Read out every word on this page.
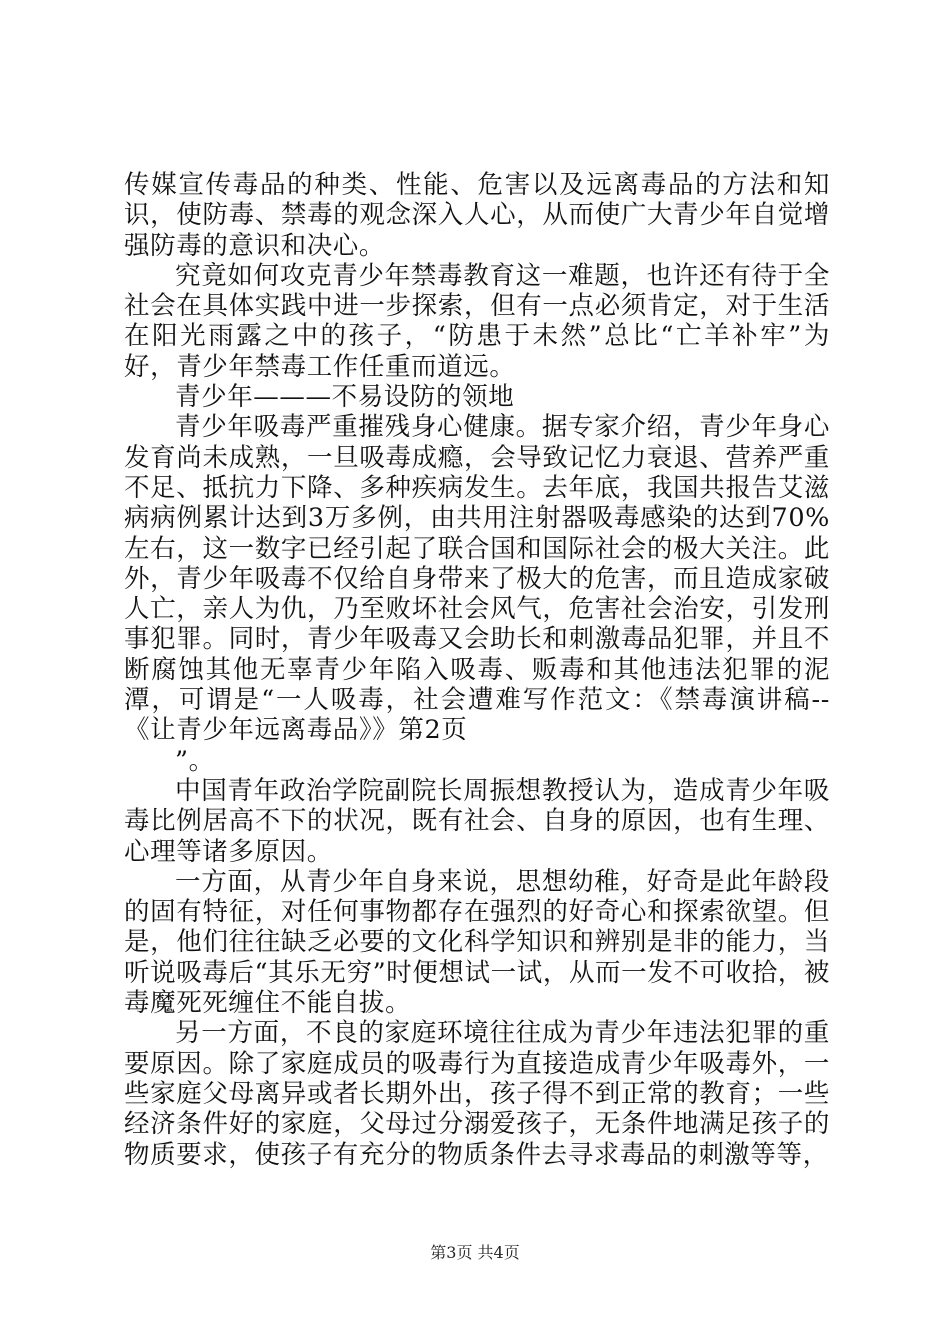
传媒宣传毒品的种类、性能、危害以及远离毒品的方法和知识，使防毒、禁毒的观念深入人心，从而使广大青少年自觉增强防毒的意识和决心。

究竟如何攻克青少年禁毒教育这一难题，也许还有待于全社会在具体实践中进一步探索，但有一点必须肯定，对于生活在阳光雨露之中的孩子，“防患于未然”总比“亡羊补牢”为好，青少年禁毒工作任重而道远。

青少年———不易设防的领地

青少年吸毒严重摧残身心健康。据专家介绍，青少年身心发育尚未成熟，一旦吸毒成瘾，会导致记忆力衰退、营养严重不足、抵抗力下降、多种疾病发生。去年底，我国共报告艾滋病病例累计达到3万多例，由共用注射器吸毒感染的达到70%左右，这一数字已经引起了联合国和国际社会的极大关注。此外，青少年吸毒不仅给自身带来了极大的危害，而且造成家破人亡，亲人为仇，乃至败坏社会风气，危害社会治安，引发刑事犯罪。同时，青少年吸毒又会助长和刺激毒品犯罪，并且不断腐蚀其他无辜青少年陷入吸毒、贩毒和其他违法犯罪的泥潭，可谓是“一人吸毒，社会遭难写作范文：《禁毒演讲稿--《让青少年远离毒品》》第2页

”。

中国青年政治学院副院长周振想教授认为，造成青少年吸毒比例居高不下的状况，既有社会、自身的原因，也有生理、心理等诸多原因。

一方面，从青少年自身来说，思想幼稚，好奇是此年龄段的固有特征，对任何事物都存在强烈的好奇心和探索欲望。但是，他们往往缺乏必要的文化科学知识和辨别是非的能力，当听说吸毒后“其乐无穷”时便想试一试，从而一发不可收拾，被毒魔死死缠住不能自拔。

另一方面，不良的家庭环境往往成为青少年违法犯罪的重要原因。除了家庭成员的吸毒行为直接造成青少年吸毒外，一些家庭父母离异或者长期外出，孩子得不到正常的教育；一些经济条件好的家庭，父母过分溺爱孩子，无条件地满足孩子的物质要求，使孩子有充分的物质条件去寻求毒品的刺激等等，

第3页 共4页
